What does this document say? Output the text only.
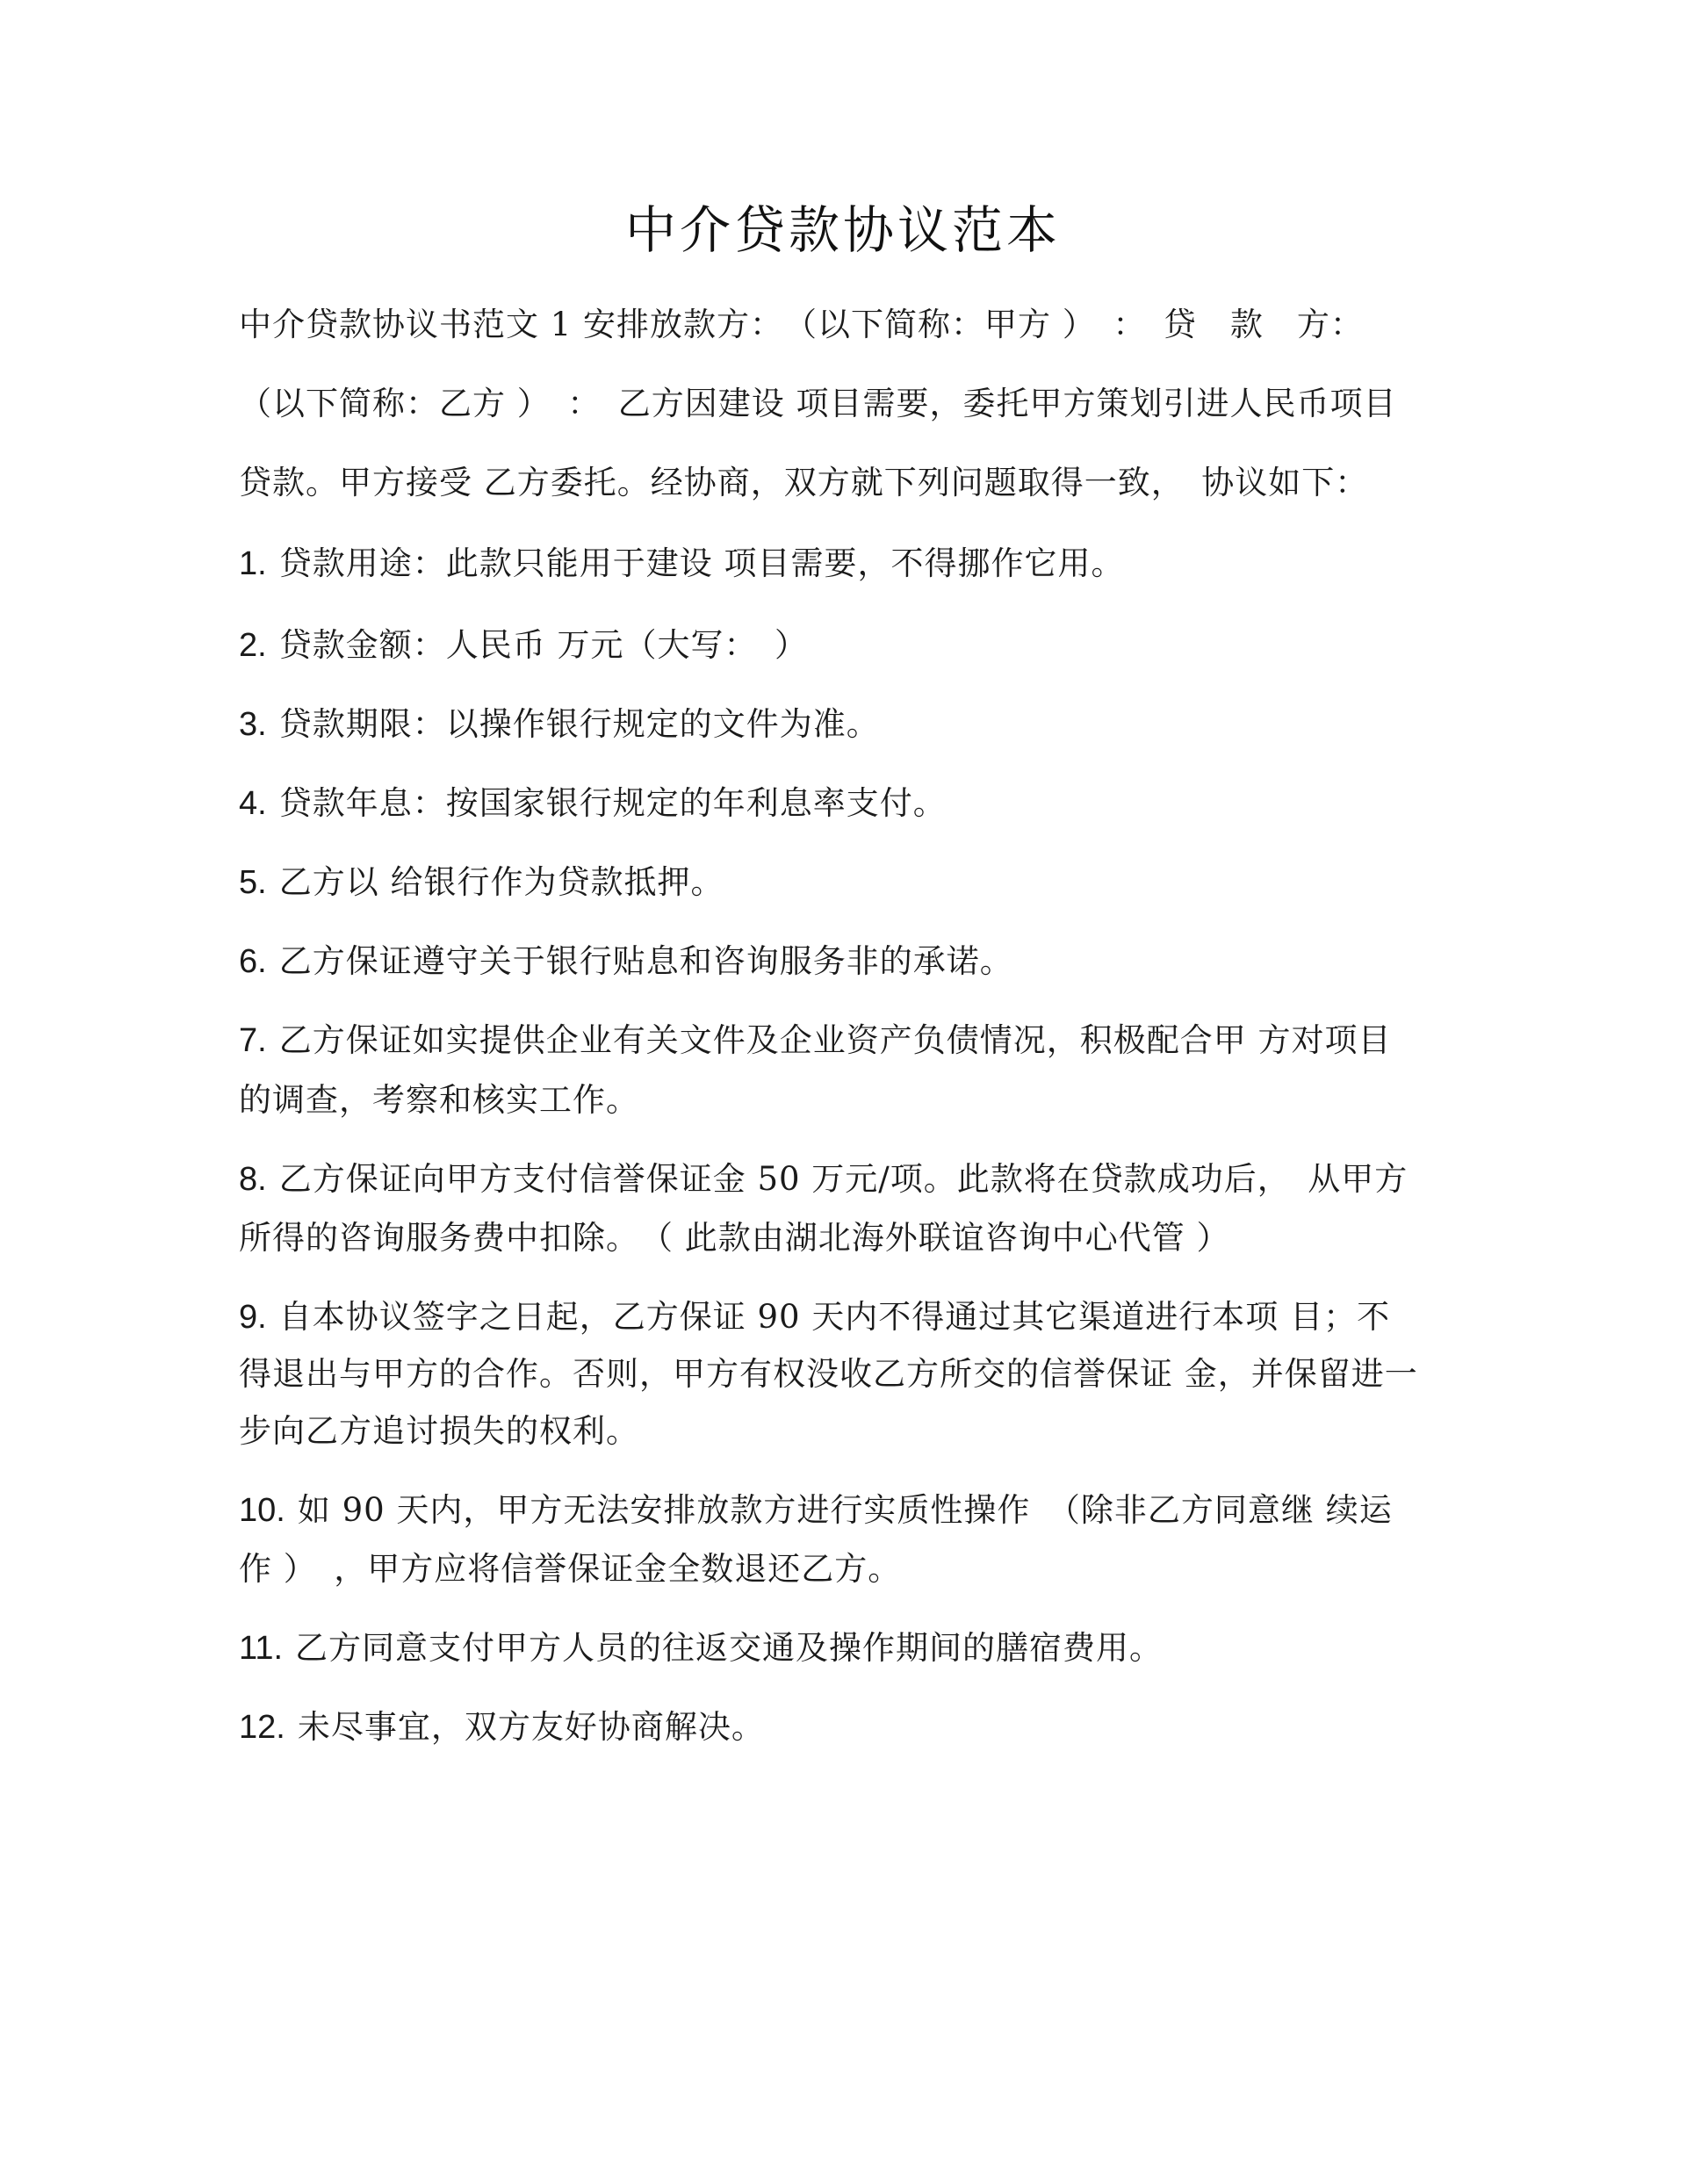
中介贷款协议范本
中介贷款协议书范文 1 安排放款方：　（以下简称：甲方 ）　：　贷　款　方：
（以下简称：乙方 ）　：　乙方因建设 项目需要，委托甲方策划引进人民币项目
贷款。甲方接受 乙方委托。经协商，双方就下列问题取得一致，　协议如下：
1. 贷款用途：此款只能用于建设 项目需要，不得挪作它用。
2. 贷款金额：人民币 万元（大写：　）
3. 贷款期限：以操作银行规定的文件为准。
4. 贷款年息：按国家银行规定的年利息率支付。
5. 乙方以 给银行作为贷款抵押。
6. 乙方保证遵守关于银行贴息和咨询服务非的承诺。
7. 乙方保证如实提供企业有关文件及企业资产负债情况，积极配合甲 方对项目
的调查，考察和核实工作。
8. 乙方保证向甲方支付信誉保证金 50 万元/项。此款将在贷款成功后，　从甲方
所得的咨询服务费中扣除。　（ 此款由湖北海外联谊咨询中心代管 ）
9. 自本协议签字之日起，乙方保证 90 天内不得通过其它渠道进行本项 目；不
得退出与甲方的合作。否则，甲方有权没收乙方所交的信誉保证 金，并保留进一
步向乙方追讨损失的权利。
10. 如 90 天内，甲方无法安排放款方进行实质性操作　（除非乙方同意继 续运
作 ）　，甲方应将信誉保证金全数退还乙方。
11. 乙方同意支付甲方人员的往返交通及操作期间的膳宿费用。
12. 未尽事宜，双方友好协商解决。
